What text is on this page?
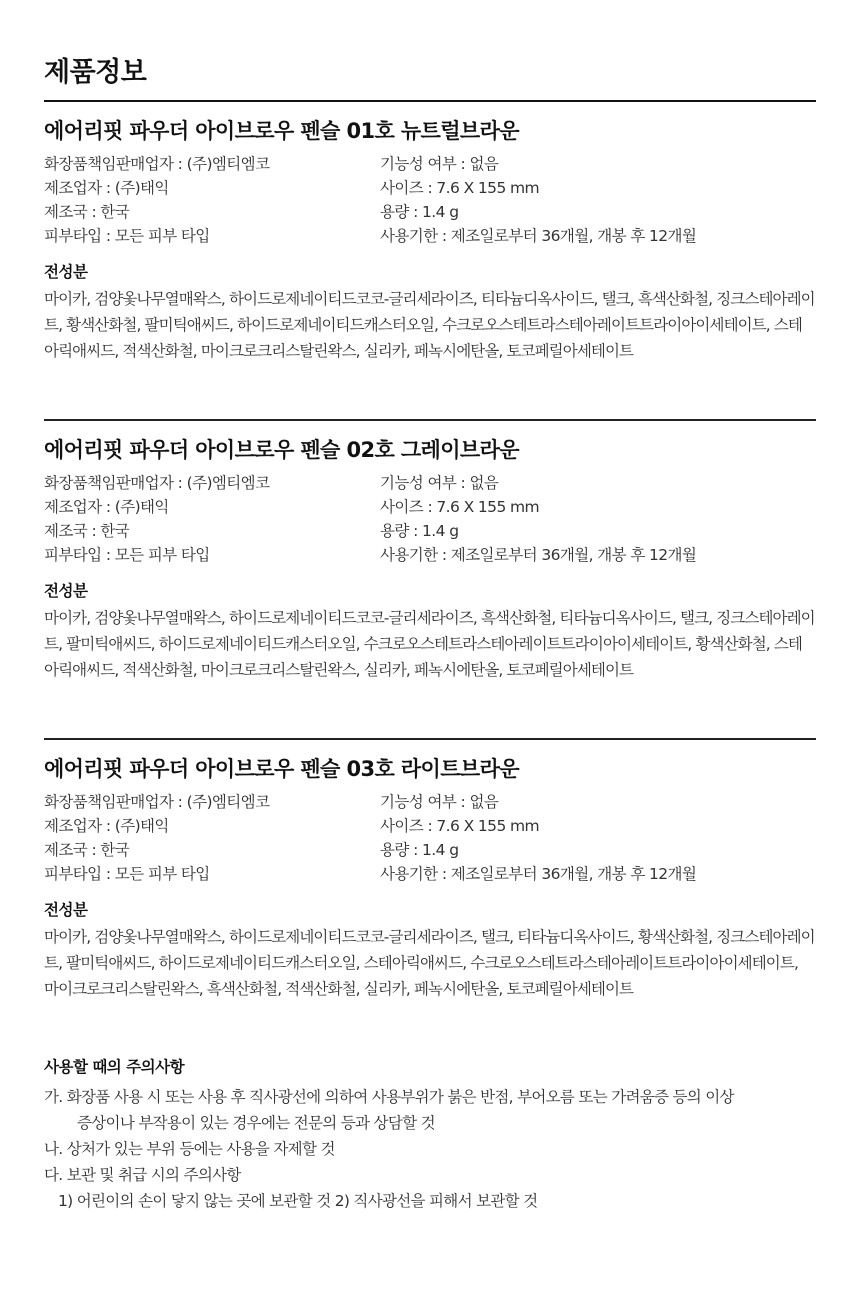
제품정보
에어리핏 파우더 아이브로우 펜슬 01호 뉴트럴브라운
화장품책임판매업자 : (주)엠티엠코
제조업자 : (주)태익
제조국 : 한국
피부타입 : 모든 피부 타입
기능성 여부 : 없음
사이즈 : 7.6 X 155 mm
용량 : 1.4 g
사용기한 : 제조일로부터 36개월, 개봉 후 12개월
전성분
마이카, 검양옻나무열매왁스, 하이드로제네이티드코코-글리세라이즈, 티타늄디옥사이드, 탤크, 흑색산화철, 징크스테아레이트, 황색산화철, 팔미틱애씨드, 하이드로제네이티드캐스터오일, 수크로오스테트라스테아레이트트라이아이세테이트, 스테아릭애씨드, 적색산화철, 마이크로크리스탈린왁스, 실리카, 페녹시에탄올, 토코페릴아세테이트
에어리핏 파우더 아이브로우 펜슬 02호 그레이브라운
화장품책임판매업자 : (주)엠티엠코
제조업자 : (주)태익
제조국 : 한국
피부타입 : 모든 피부 타입
기능성 여부 : 없음
사이즈 : 7.6 X 155 mm
용량 : 1.4 g
사용기한 : 제조일로부터 36개월, 개봉 후 12개월
전성분
마이카, 검양옻나무열매왁스, 하이드로제네이티드코코-글리세라이즈, 흑색산화철, 티타늄디옥사이드, 탤크, 징크스테아레이트, 팔미틱애씨드, 하이드로제네이티드캐스터오일, 수크로오스테트라스테아레이트트라이아이세테이트, 황색산화철, 스테아릭애씨드, 적색산화철, 마이크로크리스탈린왁스, 실리카, 페녹시에탄올, 토코페릴아세테이트
에어리핏 파우더 아이브로우 펜슬 03호 라이트브라운
화장품책임판매업자 : (주)엠티엠코
제조업자 : (주)태익
제조국 : 한국
피부타입 : 모든 피부 타입
기능성 여부 : 없음
사이즈 : 7.6 X 155 mm
용량 : 1.4 g
사용기한 : 제조일로부터 36개월, 개봉 후 12개월
전성분
마이카, 검양옻나무열매왁스, 하이드로제네이티드코코-글리세라이즈, 탤크, 티타늄디옥사이드, 황색산화철, 징크스테아레이트, 팔미틱애씨드, 하이드로제네이티드캐스터오일, 스테아릭애씨드, 수크로오스테트라스테아레이트트라이아이세테이트, 마이크로크리스탈린왁스, 흑색산화철, 적색산화철, 실리카, 페녹시에탄올, 토코페릴아세테이트
사용할 때의 주의사항
가. 화장품 사용 시 또는 사용 후 직사광선에 의하여 사용부위가 붉은 반점, 부어오름 또는 가려움증 등의 이상
증상이나 부작용이 있는 경우에는 전문의 등과 상담할 것
나. 상처가 있는 부위 등에는 사용을 자제할 것
다. 보관 및 취급 시의 주의사항
1) 어린이의 손이 닿지 않는 곳에 보관할 것 2) 직사광선을 피해서 보관할 것
